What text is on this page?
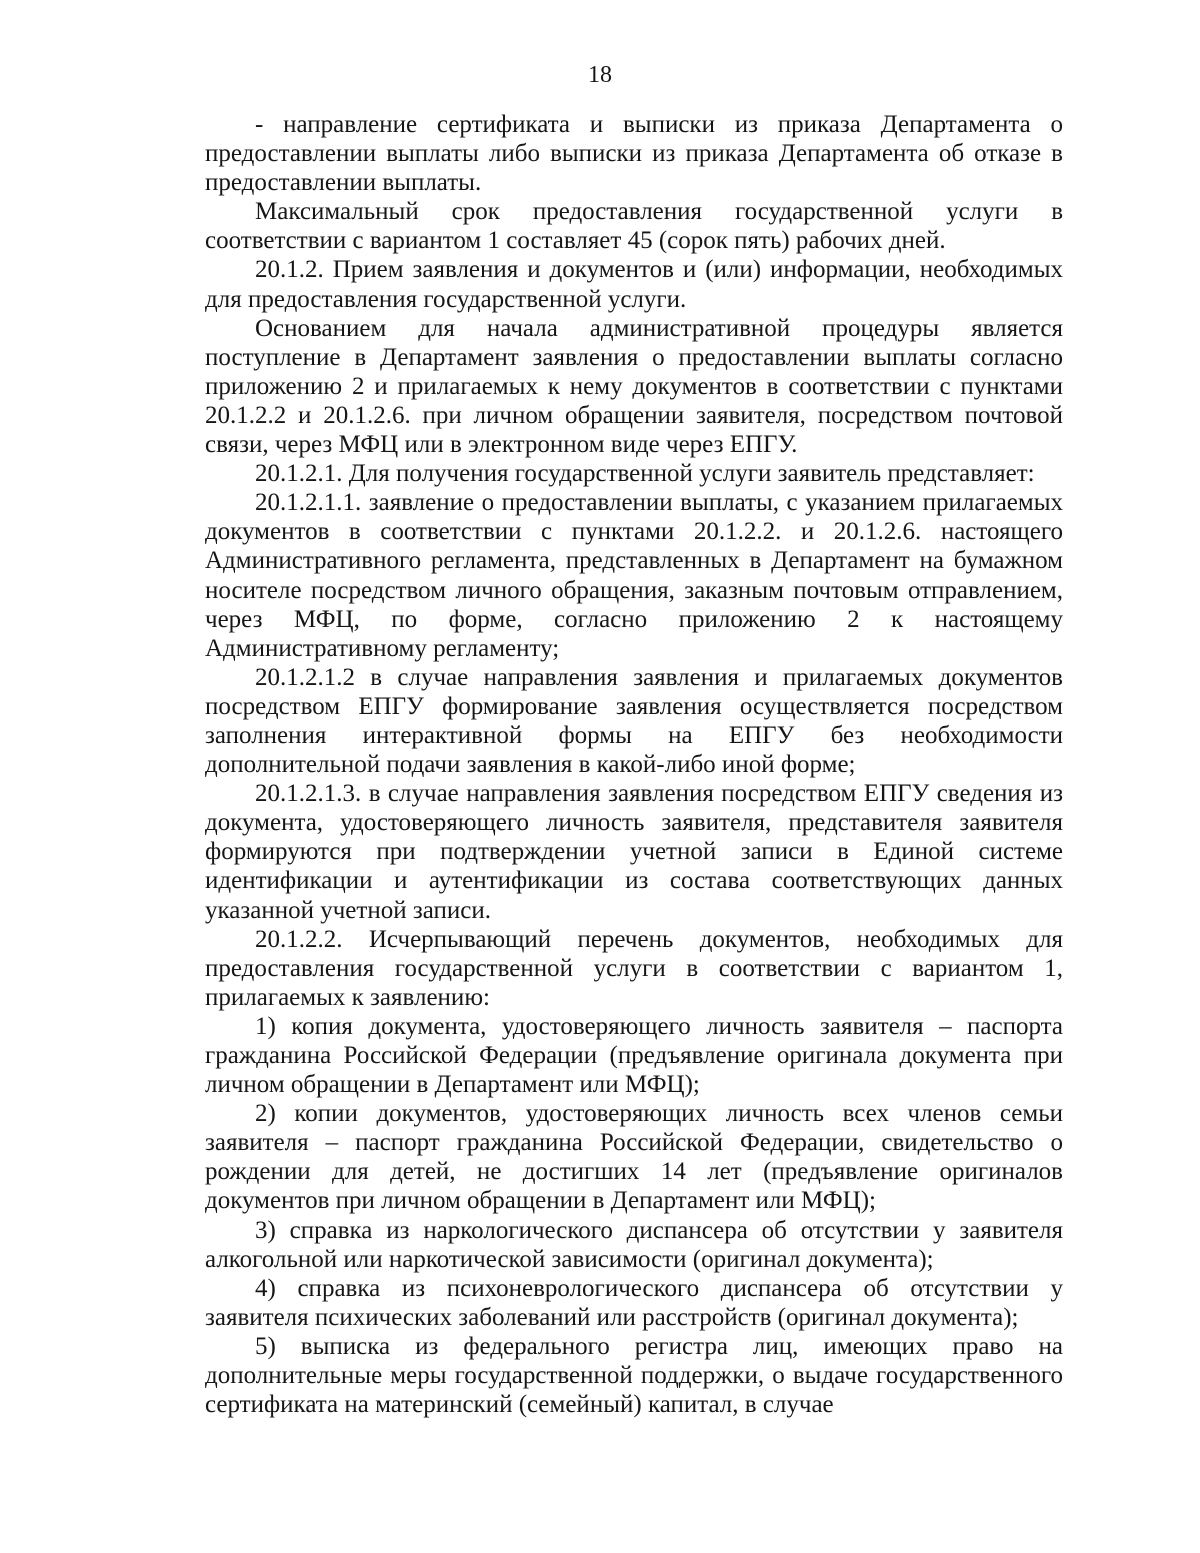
18

- направление сертификата и выписки из приказа Департамента о предоставлении выплаты либо выписки из приказа Департамента об отказе в предоставлении выплаты.

Максимальный срок предоставления государственной услуги в соответствии с вариантом 1 составляет 45 (сорок пять) рабочих дней.

20.1.2. Прием заявления и документов и (или) информации, необходимых для предоставления государственной услуги.

Основанием для начала административной процедуры является поступление в Департамент заявления о предоставлении выплаты согласно приложению 2 и прилагаемых к нему документов в соответствии с пунктами 20.1.2.2 и 20.1.2.6. при личном обращении заявителя, посредством почтовой связи, через МФЦ или в электронном виде через ЕПГУ.

20.1.2.1. Для получения государственной услуги заявитель представляет:

20.1.2.1.1. заявление о предоставлении выплаты, с указанием прилагаемых документов в соответствии с пунктами 20.1.2.2. и 20.1.2.6. настоящего Административного регламента, представленных в Департамент на бумажном носителе посредством личного обращения, заказным почтовым отправлением, через МФЦ, по форме, согласно приложению 2 к настоящему Административному регламенту;

20.1.2.1.2 в случае направления заявления и прилагаемых документов посредством ЕПГУ формирование заявления осуществляется посредством заполнения интерактивной формы на ЕПГУ без необходимости дополнительной подачи заявления в какой-либо иной форме;

20.1.2.1.3. в случае направления заявления посредством ЕПГУ сведения из документа, удостоверяющего личность заявителя, представителя заявителя формируются при подтверждении учетной записи в Единой системе идентификации и аутентификации из состава соответствующих данных указанной учетной записи.

20.1.2.2. Исчерпывающий перечень документов, необходимых для предоставления государственной услуги в соответствии с вариантом 1, прилагаемых к заявлению:

1) копия документа, удостоверяющего личность заявителя – паспорта гражданина Российской Федерации (предъявление оригинала документа при личном обращении в Департамент или МФЦ);

2) копии документов, удостоверяющих личность всех членов семьи заявителя – паспорт гражданина Российской Федерации, свидетельство о рождении для детей, не достигших 14 лет (предъявление оригиналов документов при личном обращении в Департамент или МФЦ);

3) справка из наркологического диспансера об отсутствии у заявителя алкогольной или наркотической зависимости (оригинал документа);

4) справка из психоневрологического диспансера об отсутствии у заявителя психических заболеваний или расстройств (оригинал документа);

5) выписка из федерального регистра лиц, имеющих право на дополнительные меры государственной поддержки, о выдаче государственного сертификата на материнский (семейный) капитал, в случае
